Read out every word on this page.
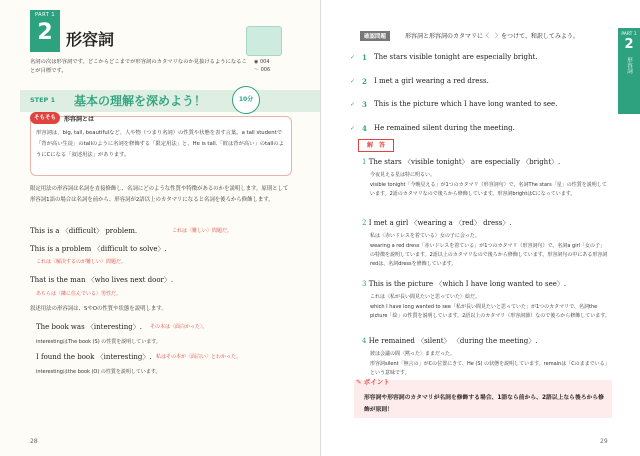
PART 1
2 形容詞
◉ 004
～ 006
名詞の次は形容詞です。どこからどこまでが形容詞のカタマリなのか見抜けるようになることが目標です。
STEP 1 基本の理解を深めよう！	10分
そもそも	形容詞とは
形容詞は、big, tall, beautifulなど、人や物（つまり名詞）の性質や状態を表す言葉。a tall studentで「背が高い生徒」のtallのように名詞を修飾する「限定用法」と、He is tall.「彼は背が高い」のtallのようにCになる「叙述用法」があります。
限定用法の形容詞は名詞を直接修飾し、名詞にどのような性質や特徴があるのかを説明します。原則として形容詞1語の場合は名詞を前から、形容詞が2語以上のカタマリになると名詞を後ろから修飾します。
This is a 〈difficult〉 problem.	これは〈難しい〉問題だ。
This is a problem 〈difficult to solve〉.
これは〈解決するのが難しい〉問題だ。
That is the man 〈who lives next door〉.
あちらは〈隣に住んでいる〉男性だ。
叙述用法の形容詞は、SやOの性質や状態を説明します。
The book was 〈interesting〉. その本は〈面白かった〉。
interestingはThe book (S) の性質を説明しています。
I found the book 〈interesting〉. 私はその本が〈面白い〉とわかった。
interestingはthe book (O) の性質を説明しています。
28
PART 1
2
形容詞
確認問題	形容詞と形容詞のカタマリに〈　〉をつけて、和訳してみよう。
✓ 1 The stars visible tonight are especially bright.
✓ 2 I met a girl wearing a red dress.
✓ 3 This is the picture which I have long wanted to see.
✓ 4 He remained silent during the meeting.
解　答
1 The stars 〈visible tonight〉 are especially 〈bright〉.
今夜見える星は特に明るい。
visible tonight「今晩見える」が1つのカタマリ（形容詞句）で、名詞The stars「星」の性質を説明しています。2語のカタマリなので後ろから修飾しています。形容詞brightはCになっています。
2 I met a girl 〈wearing a 〈red〉 dress〉.
私は〈赤いドレスを着ている〉女の子に会った。
wearing a red dress「赤いドレスを着ている」が1つのカタマリ（形容詞句）で、名詞a girl「女の子」の特徴を説明しています。2語以上のカタマリなので後ろから修飾しています。形容詞句の中にある形容詞redは、名詞dressを修飾しています。
3 This is the picture 〈which I have long wanted to see〉.
これは〈私が長い間見たいと思っていた〉絵だ。
which I have long wanted to see「私が長い間見たいと思っていた」が1つのカタマリで、名詞the picture「絵」の性質を説明しています。2語以上のカタマリ（形容詞節）なので後ろから修飾しています。
4 He remained 〈silent〉 〈during the meeting〉.
彼は会議の間〈黙った〉ままだった。
形容詞silent「無言の」がCの位置にきて、He (S) の状態を説明しています。remainは「Cのままでいる」という意味です。
✎ ポイント
形容詞や形容詞のカタマリが名詞を修飾する場合、1語なら前から、2語以上なら後ろから修飾が原則！
29
